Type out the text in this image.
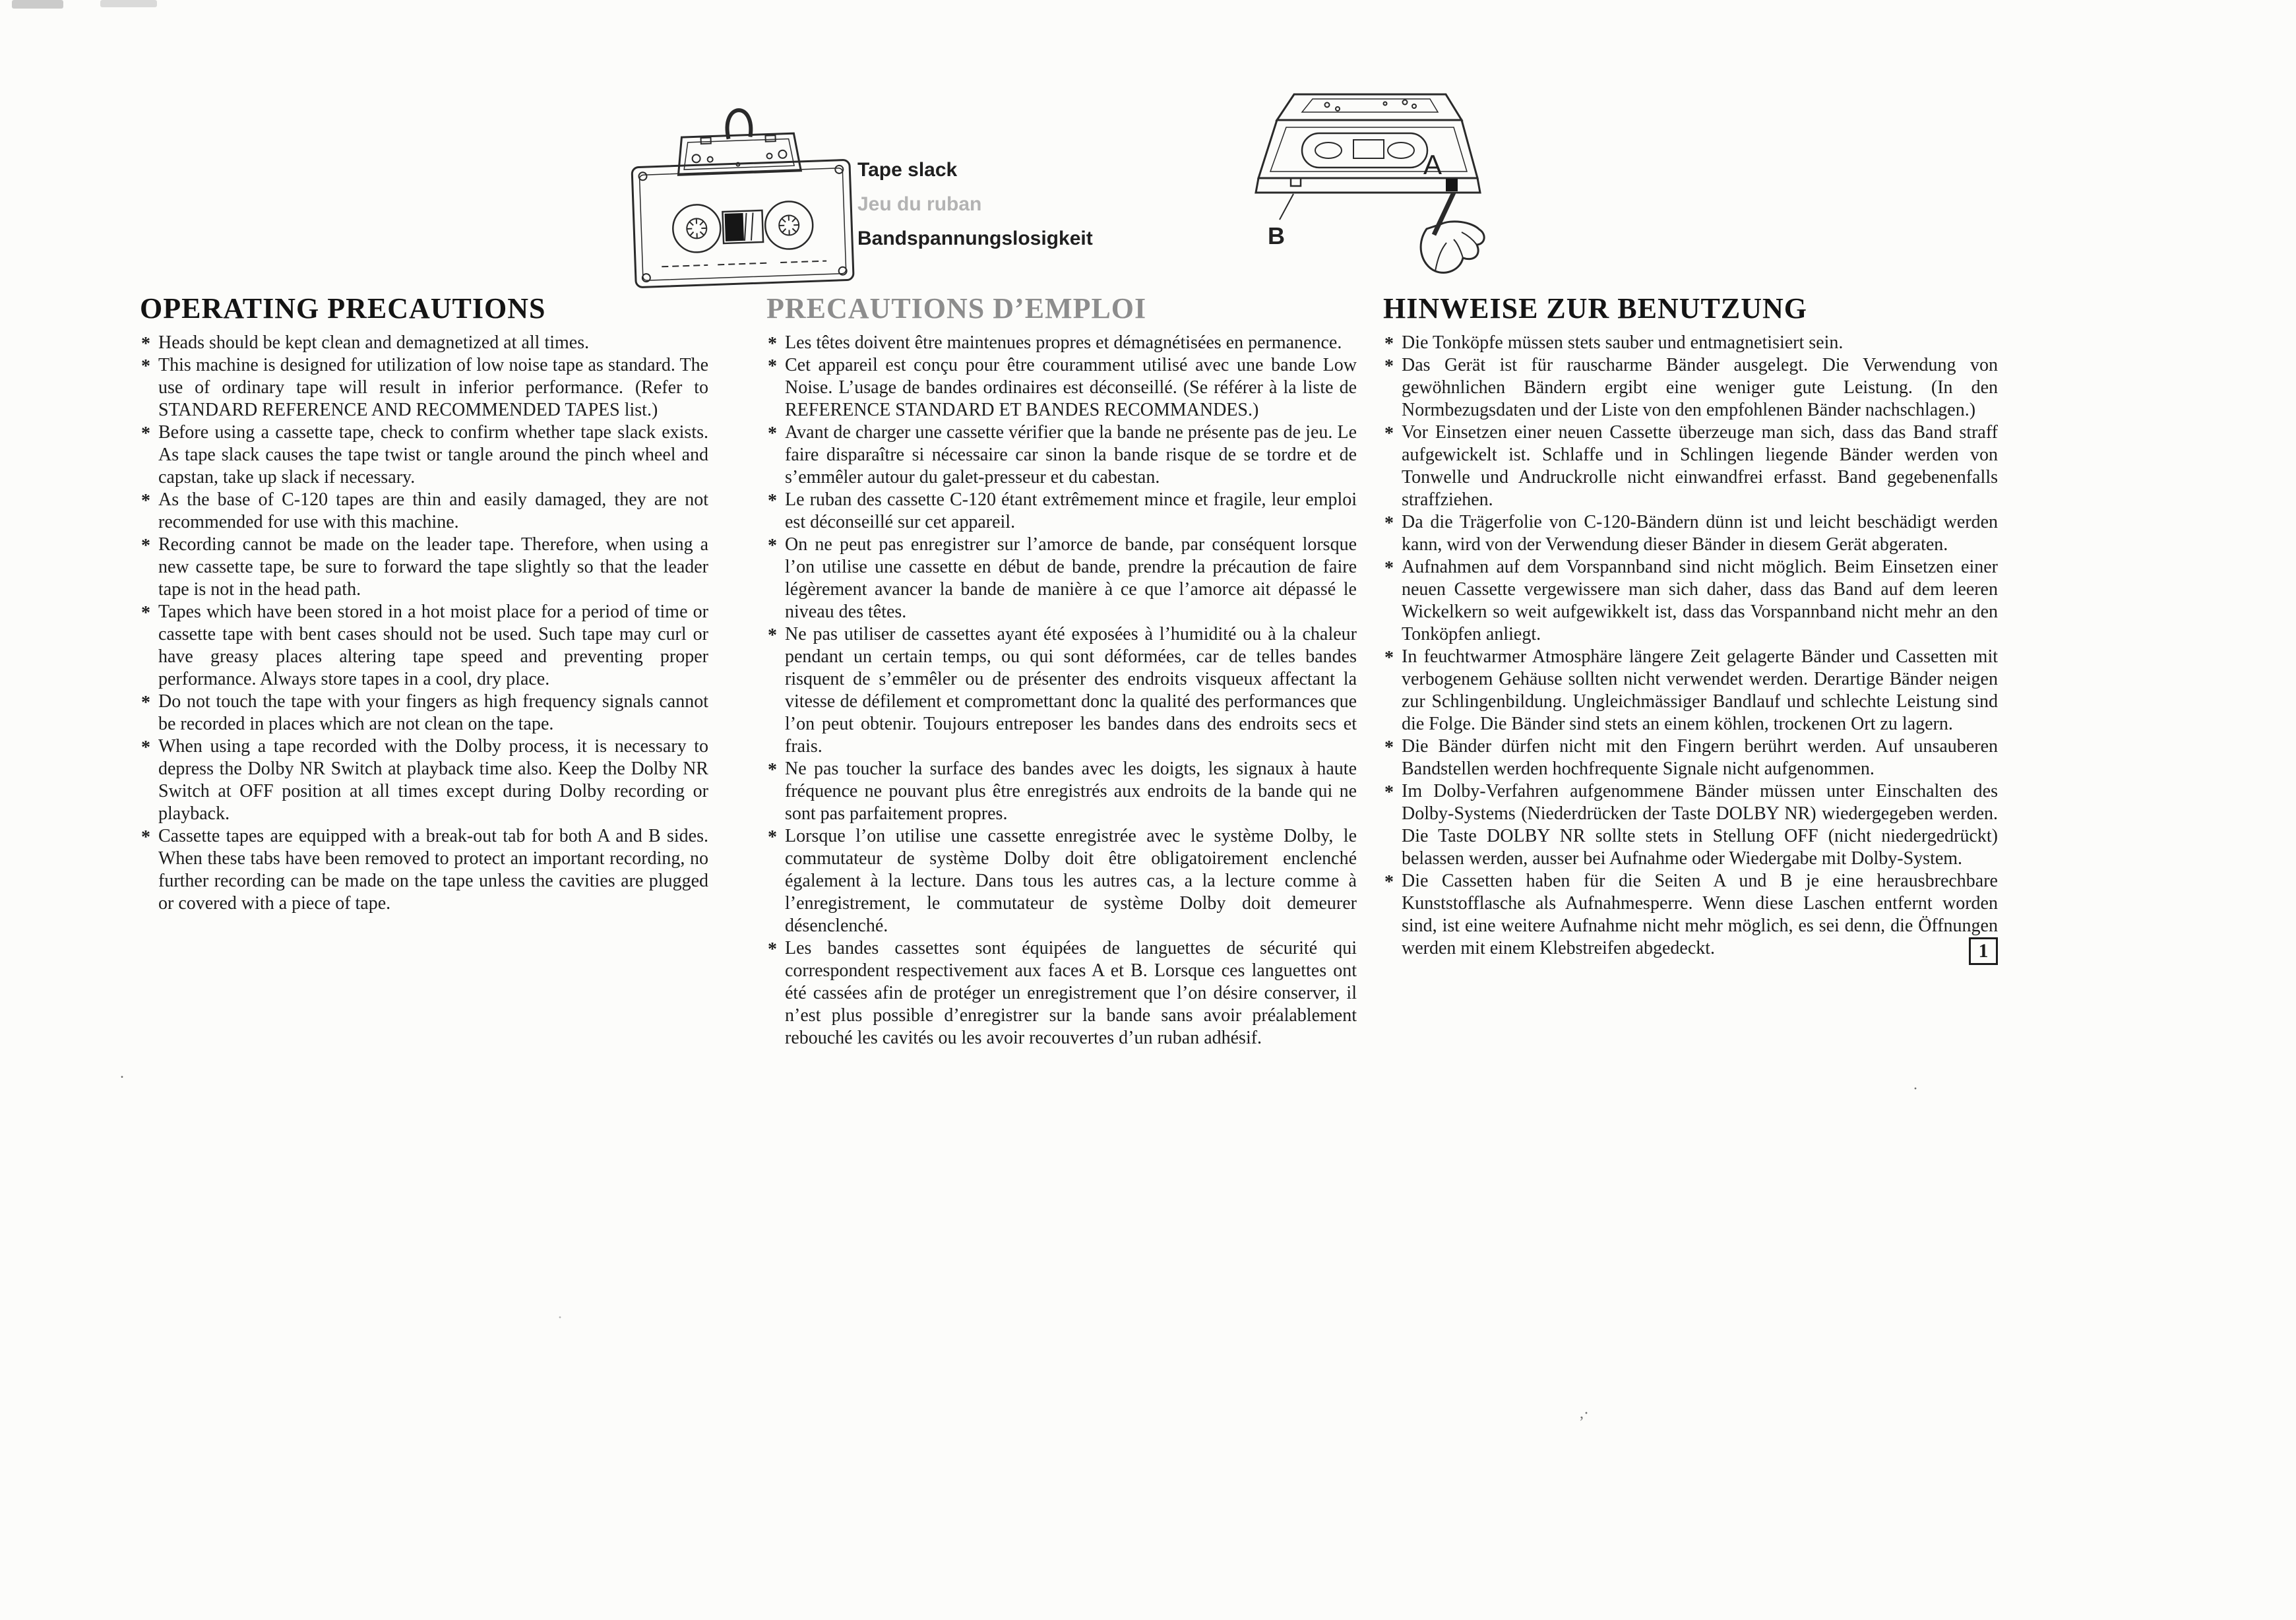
.
,·
·
·
Tape slack
Jeu du ruban
Bandspannungslosigkeit
A
B
OPERATING PRECAUTIONS

* Heads should be kept clean and demagnetized at all times.

* This machine is designed for utilization of low noise tape as standard. The use of ordinary tape will result in inferior performance. (Refer to STANDARD REFERENCE AND RECOMMENDED TAPES list.)

* Before using a cassette tape, check to confirm whether tape slack exists. As tape slack causes the tape twist or tangle around the pinch wheel and capstan, take up slack if necessary.

* As the base of C-120 tapes are thin and easily damaged, they are not recommended for use with this machine.

* Recording cannot be made on the leader tape. Therefore, when using a new cassette tape, be sure to forward the tape slightly so that the leader tape is not in the head path.

* Tapes which have been stored in a hot moist place for a period of time or cassette tape with bent cases should not be used. Such tape may curl or have greasy places altering tape speed and preventing proper performance. Always store tapes in a cool, dry place.

* Do not touch the tape with your fingers as high frequency signals cannot be recorded in places which are not clean on the tape.

* When using a tape recorded with the Dolby process, it is necessary to depress the Dolby NR Switch at playback time also. Keep the Dolby NR Switch at OFF position at all times except during Dolby recording or playback.

* Cassette tapes are equipped with a break-out tab for both A and B sides. When these tabs have been removed to protect an important recording, no further recording can be made on the tape unless the cavities are plugged or covered with a piece of tape.

PRECAUTIONS D’EMPLOI

* Les têtes doivent être maintenues propres et démagnétisées en permanence.

* Cet appareil est conçu pour être couramment utilisé avec une bande Low Noise. L’usage de bandes ordinaires est déconseillé. (Se référer à la liste de REFERENCE STANDARD ET BANDES RECOMMANDES.)

* Avant de charger une cassette vérifier que la bande ne présente pas de jeu. Le faire disparaître si nécessaire car sinon la bande risque de se tordre et de s’emmêler autour du galet-presseur et du cabestan.

* Le ruban des cassette C-120 étant extrêmement mince et fragile, leur emploi est déconseillé sur cet appareil.

* On ne peut pas enregistrer sur l’amorce de bande, par conséquent lorsque l’on utilise une cassette en début de bande, prendre la précaution de faire légèrement avancer la bande de manière à ce que l’amorce ait dépassé le niveau des têtes.

* Ne pas utiliser de cassettes ayant été exposées à l’humidité ou à la chaleur pendant un certain temps, ou qui sont déformées, car de telles bandes risquent de s’emmêler ou de présenter des endroits visqueux affectant la vitesse de défilement et compromettant donc la qualité des performances que l’on peut obtenir. Toujours entreposer les bandes dans des endroits secs et frais.

* Ne pas toucher la surface des bandes avec les doigts, les signaux à haute fréquence ne pouvant plus être enregistrés aux endroits de la bande qui ne sont pas parfaitement propres.

* Lorsque l’on utilise une cassette enregistrée avec le système Dolby, le commutateur de système Dolby doit être obligatoirement enclenché également à la lecture. Dans tous les autres cas, a la lecture comme à l’enregistrement, le commutateur de système Dolby doit demeurer désenclenché.

* Les bandes cassettes sont équipées de languettes de sécurité qui correspondent respectivement aux faces A et B. Lorsque ces languettes ont été cassées afin de protéger un enregistrement que l’on désire conserver, il n’est plus possible d’enregistrer sur la bande sans avoir préalablement rebouché les cavités ou les avoir recouvertes d’un ruban adhésif.

HINWEISE ZUR BENUTZUNG

* Die Tonköpfe müssen stets sauber und entmagnetisiert sein.

* Das Gerät ist für rauscharme Bänder ausgelegt. Die Verwendung von gewöhnlichen Bändern ergibt eine weniger gute Leistung. (In den Normbezugsdaten und der Liste von den empfohlenen Bänder nachschlagen.)

* Vor Einsetzen einer neuen Cassette überzeuge man sich, dass das Band straff aufgewickelt ist. Schlaffe und in Schlingen liegende Bänder werden von Tonwelle und Andruckrolle nicht einwandfrei erfasst. Band gegebenenfalls straffziehen.

* Da die Trägerfolie von C-120-Bändern dünn ist und leicht beschädigt werden kann, wird von der Verwendung dieser Bänder in diesem Gerät abgeraten.

* Aufnahmen auf dem Vorspannband sind nicht möglich. Beim Einsetzen einer neuen Cassette vergewissere man sich daher, dass das Band auf dem leeren Wickelkern so weit aufgewikkelt ist, dass das Vorspannband nicht mehr an den Tonköpfen anliegt.

* In feuchtwarmer Atmosphäre längere Zeit gelagerte Bänder und Cassetten mit verbogenem Gehäuse sollten nicht verwendet werden. Derartige Bänder neigen zur Schlingenbildung. Ungleichmässiger Bandlauf und schlechte Leistung sind die Folge. Die Bänder sind stets an einem köhlen, trockenen Ort zu lagern.

* Die Bänder dürfen nicht mit den Fingern berührt werden. Auf unsauberen Bandstellen werden hochfrequente Signale nicht aufgenommen.

* Im Dolby-Verfahren aufgenommene Bänder müssen unter Einschalten des Dolby-Systems (Niederdrücken der Taste DOLBY NR) wiedergegeben werden. Die Taste DOLBY NR sollte stets in Stellung OFF (nicht niedergedrückt) belassen werden, ausser bei Aufnahme oder Wiedergabe mit Dolby-System.

* Die Cassetten haben für die Seiten A und B je eine herausbrechbare Kunststofflasche als Aufnahmesperre. Wenn diese Laschen entfernt worden sind, ist eine weitere Aufnahme nicht mehr möglich, es sei denn, die Öffnungen werden mit einem Klebstreifen abgedeckt.	1
